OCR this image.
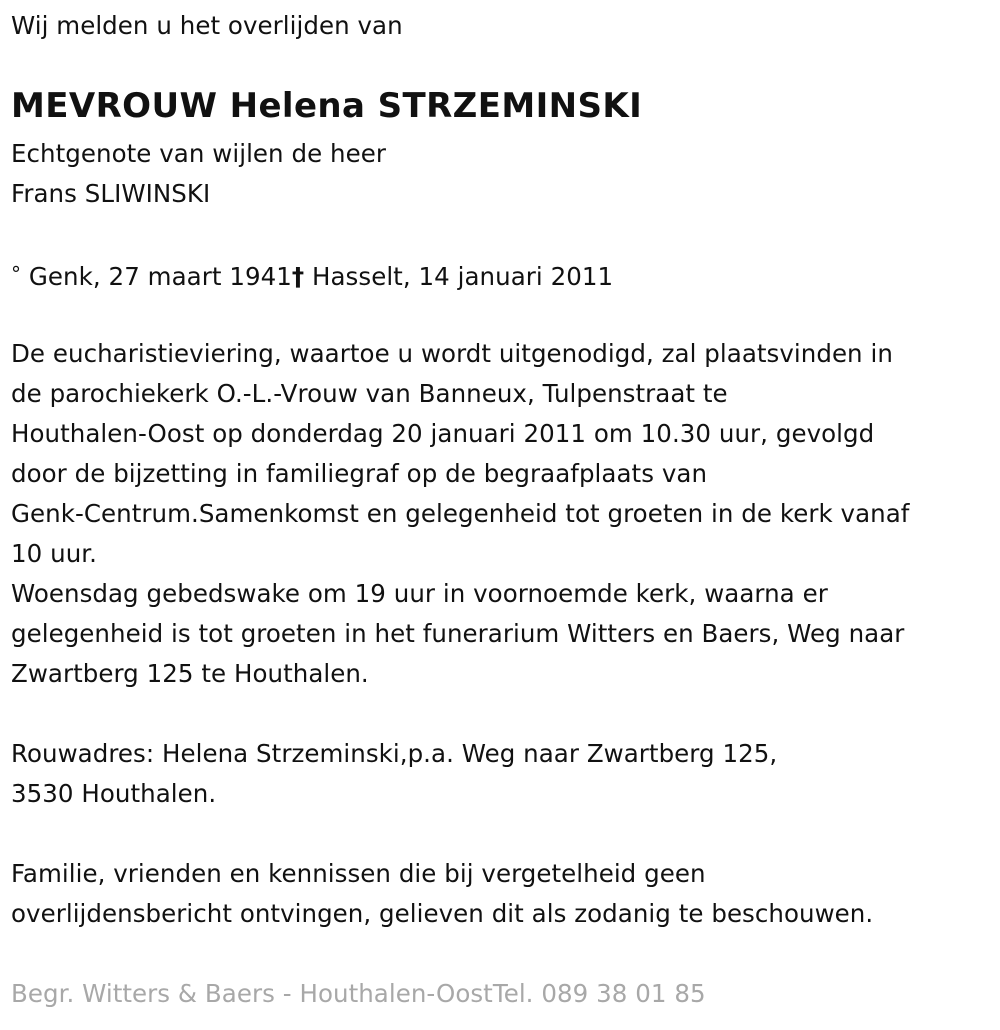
Wij melden u het overlijden van
MEVROUW Helena STRZEMINSKI
Echtgenote van wijlen de heer
Frans SLIWINSKI
° Genk, 27 maart 1941† Hasselt, 14 januari 2011
De eucharistieviering, waartoe u wordt uitgenodigd, zal plaatsvinden in
de parochiekerk O.-L.-Vrouw van Banneux, Tulpenstraat te
Houthalen-Oost op donderdag 20 januari 2011 om 10.30 uur, gevolgd
door de bijzetting in familiegraf op de begraafplaats van
Genk-Centrum.Samenkomst en gelegenheid tot groeten in de kerk vanaf
10 uur.
Woensdag gebedswake om 19 uur in voornoemde kerk, waarna er
gelegenheid is tot groeten in het funerarium Witters en Baers, Weg naar
Zwartberg 125 te Houthalen.
Rouwadres: Helena Strzeminski,p.a. Weg naar Zwartberg 125,
3530 Houthalen.
Familie, vrienden en kennissen die bij vergetelheid geen
overlijdensbericht ontvingen, gelieven dit als zodanig te beschouwen.
Begr. Witters & Baers - Houthalen-OostTel. 089 38 01 85
